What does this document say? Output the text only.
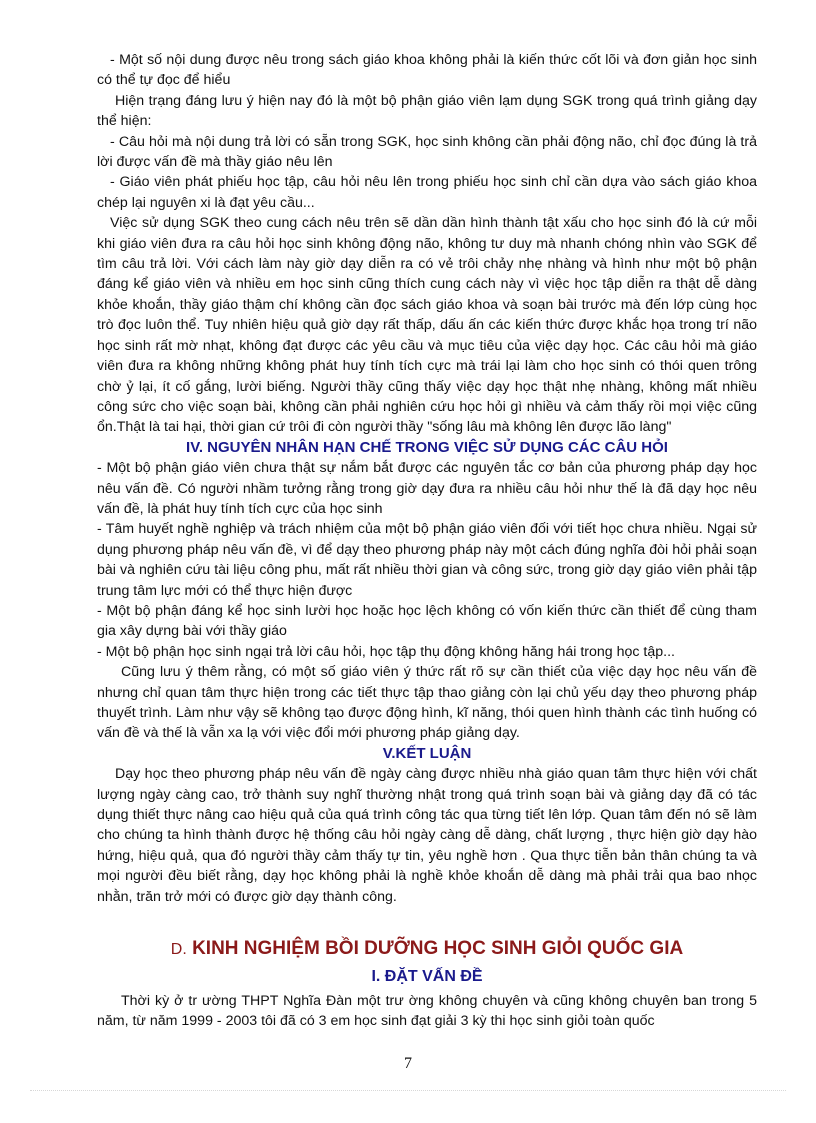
- Một số nội dung được nêu trong sách giáo khoa không phải là kiến thức cốt lõi và đơn giản học sinh có thể tự đọc để hiểu

Hiện trạng đáng lưu ý hiện nay đó là một bộ phận giáo viên lạm dụng SGK trong quá trình giảng dạy thể hiện:

- Câu hỏi mà nội dung trả lời có sẵn trong SGK, học sinh không cần phải động não, chỉ đọc đúng là trả lời được vấn đề mà thầy giáo nêu lên

- Giáo viên phát phiếu học tập, câu hỏi nêu lên trong phiếu học sinh chỉ cần dựa vào sách giáo khoa chép lại nguyên xi là đạt yêu cầu...

Việc sử dụng SGK theo cung cách nêu trên sẽ dần dần hình thành tật xấu cho học sinh đó là cứ mỗi khi giáo viên đưa ra câu hỏi học sinh không động não, không tư duy mà nhanh chóng nhìn vào SGK để tìm câu trả lời. Với cách làm này giờ dạy diễn ra có vẻ trôi chảy nhẹ nhàng và hình như một bộ phận đáng kể giáo viên và nhiều em học sinh cũng thích cung cách này vì việc học tập diễn ra thật dễ dàng khỏe khoắn, thầy giáo thậm chí không cần đọc sách giáo khoa và soạn bài trước mà đến lớp cùng học trò đọc luôn thể. Tuy nhiên hiệu quả giờ dạy rất thấp, dấu ấn các kiến thức được khắc họa trong trí não học sinh rất mờ nhạt, không đạt được các yêu cầu và mục tiêu của việc dạy học. Các câu hỏi mà giáo viên đưa ra không những không phát huy tính tích cực mà trái lại làm cho học sinh có thói quen trông chờ ỷ lại, ít cố gắng, lười biếng. Người thầy cũng thấy việc dạy học thật nhẹ nhàng, không mất nhiều công sức cho việc soạn bài, không cần phải nghiên cứu học hỏi gì nhiều và cảm thấy rồi mọi việc cũng ổn.Thật là tai hại, thời gian cứ trôi đi còn người thầy "sống lâu mà không lên được lão làng"

IV. NGUYÊN NHÂN HẠN CHẾ TRONG VIỆC SỬ DỤNG CÁC CÂU HỎI

- Một bộ phận giáo viên chưa thật sự nắm bắt được các nguyên tắc cơ bản của phương pháp dạy học nêu vấn đề. Có người nhầm tưởng rằng trong giờ dạy đưa ra nhiều câu hỏi như thế là đã dạy học nêu vấn đề, là phát huy tính tích cực của học sinh

- Tâm huyết nghề nghiệp và trách nhiệm của một bộ phận giáo viên đối với tiết học chưa nhiều. Ngại sử dụng phương pháp nêu vấn đề, vì để dạy theo phương pháp này một cách đúng nghĩa đòi hỏi phải soạn bài và nghiên cứu tài liệu công phu, mất rất nhiều thời gian và công sức, trong giờ dạy giáo viên phải tập trung tâm lực mới có thể thực hiện được

- Một bộ phận đáng kể học sinh lười học hoặc học lệch không có vốn kiến thức cần thiết để cùng tham gia xây dựng bài với thầy giáo

- Một bộ phận học sinh ngại trả lời câu hỏi, học tập thụ động không hăng hái trong học tập...

Cũng lưu ý thêm rằng, có một số giáo viên ý thức rất rõ sự cần thiết của việc dạy học nêu vấn đề nhưng chỉ quan tâm thực hiện trong các tiết thực tập thao giảng còn lại chủ yếu dạy theo phương pháp thuyết trình. Làm như vậy sẽ không tạo được động hình, kĩ năng, thói quen hình thành các tình huống có vấn đề và thế là vẫn xa lạ với việc đổi mới phương pháp giảng dạy.

V.KẾT LUẬN

Dạy học theo phương pháp nêu vấn đề ngày càng được nhiều nhà giáo quan tâm thực hiện với chất lượng ngày càng cao, trở thành suy nghĩ thường nhật trong quá trình soạn bài và giảng dạy đã có tác dụng thiết thực nâng cao hiệu quả của quá trình công tác qua từng tiết lên lớp. Quan tâm đến nó sẽ làm cho chúng ta hình thành được hệ thống câu hỏi ngày càng dễ dàng, chất lượng , thực hiện giờ dạy hào hứng, hiệu quả, qua đó người thầy cảm thấy tự tin, yêu nghề hơn . Qua thực tiễn bản thân chúng ta và mọi người đều biết rằng, dạy học không phải là nghề khỏe khoắn dễ dàng mà phải trải qua bao nhọc nhằn, trăn trở mới có được giờ dạy thành công.

D. KINH NGHIỆM BỒI DƯỠNG HỌC SINH GIỎI QUỐC GIA
I. ĐẶT VẤN ĐỀ

Thời kỳ ở tr ường THPT Nghĩa Đàn một trư ờng không chuyên và cũng không chuyên ban trong 5 năm, từ năm 1999 - 2003 tôi đã có 3 em học sinh đạt giải 3 kỳ thi học sinh giỏi toàn quốc

7
